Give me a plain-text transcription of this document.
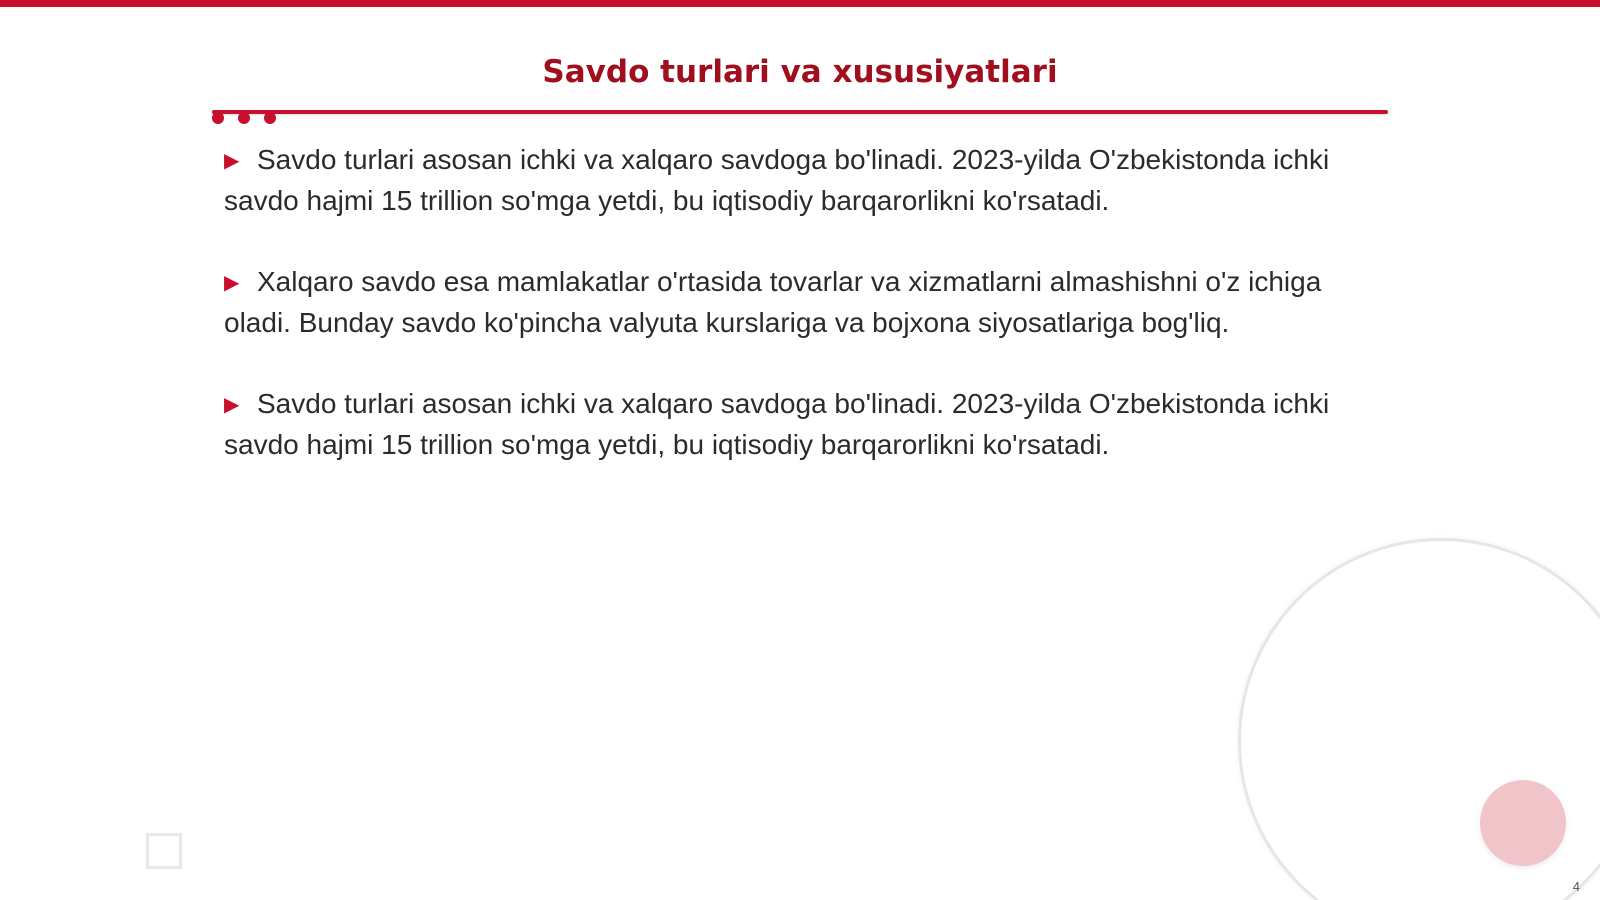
Savdo turlari va xususiyatlari

▶ Savdo turlari asosan ichki va xalqaro savdoga bo'linadi. 2023-yilda O'zbekistonda ichki savdo hajmi 15 trillion so'mga yetdi, bu iqtisodiy barqarorlikni ko'rsatadi.

▶ Xalqaro savdo esa mamlakatlar o'rtasida tovarlar va xizmatlarni almashishni o'z ichiga oladi. Bunday savdo ko'pincha valyuta kurslariga va bojxona siyosatlariga bog'liq.

▶ Savdo turlari asosan ichki va xalqaro savdoga bo'linadi. 2023-yilda O'zbekistonda ichki savdo hajmi 15 trillion so'mga yetdi, bu iqtisodiy barqarorlikni ko'rsatadi.

4
